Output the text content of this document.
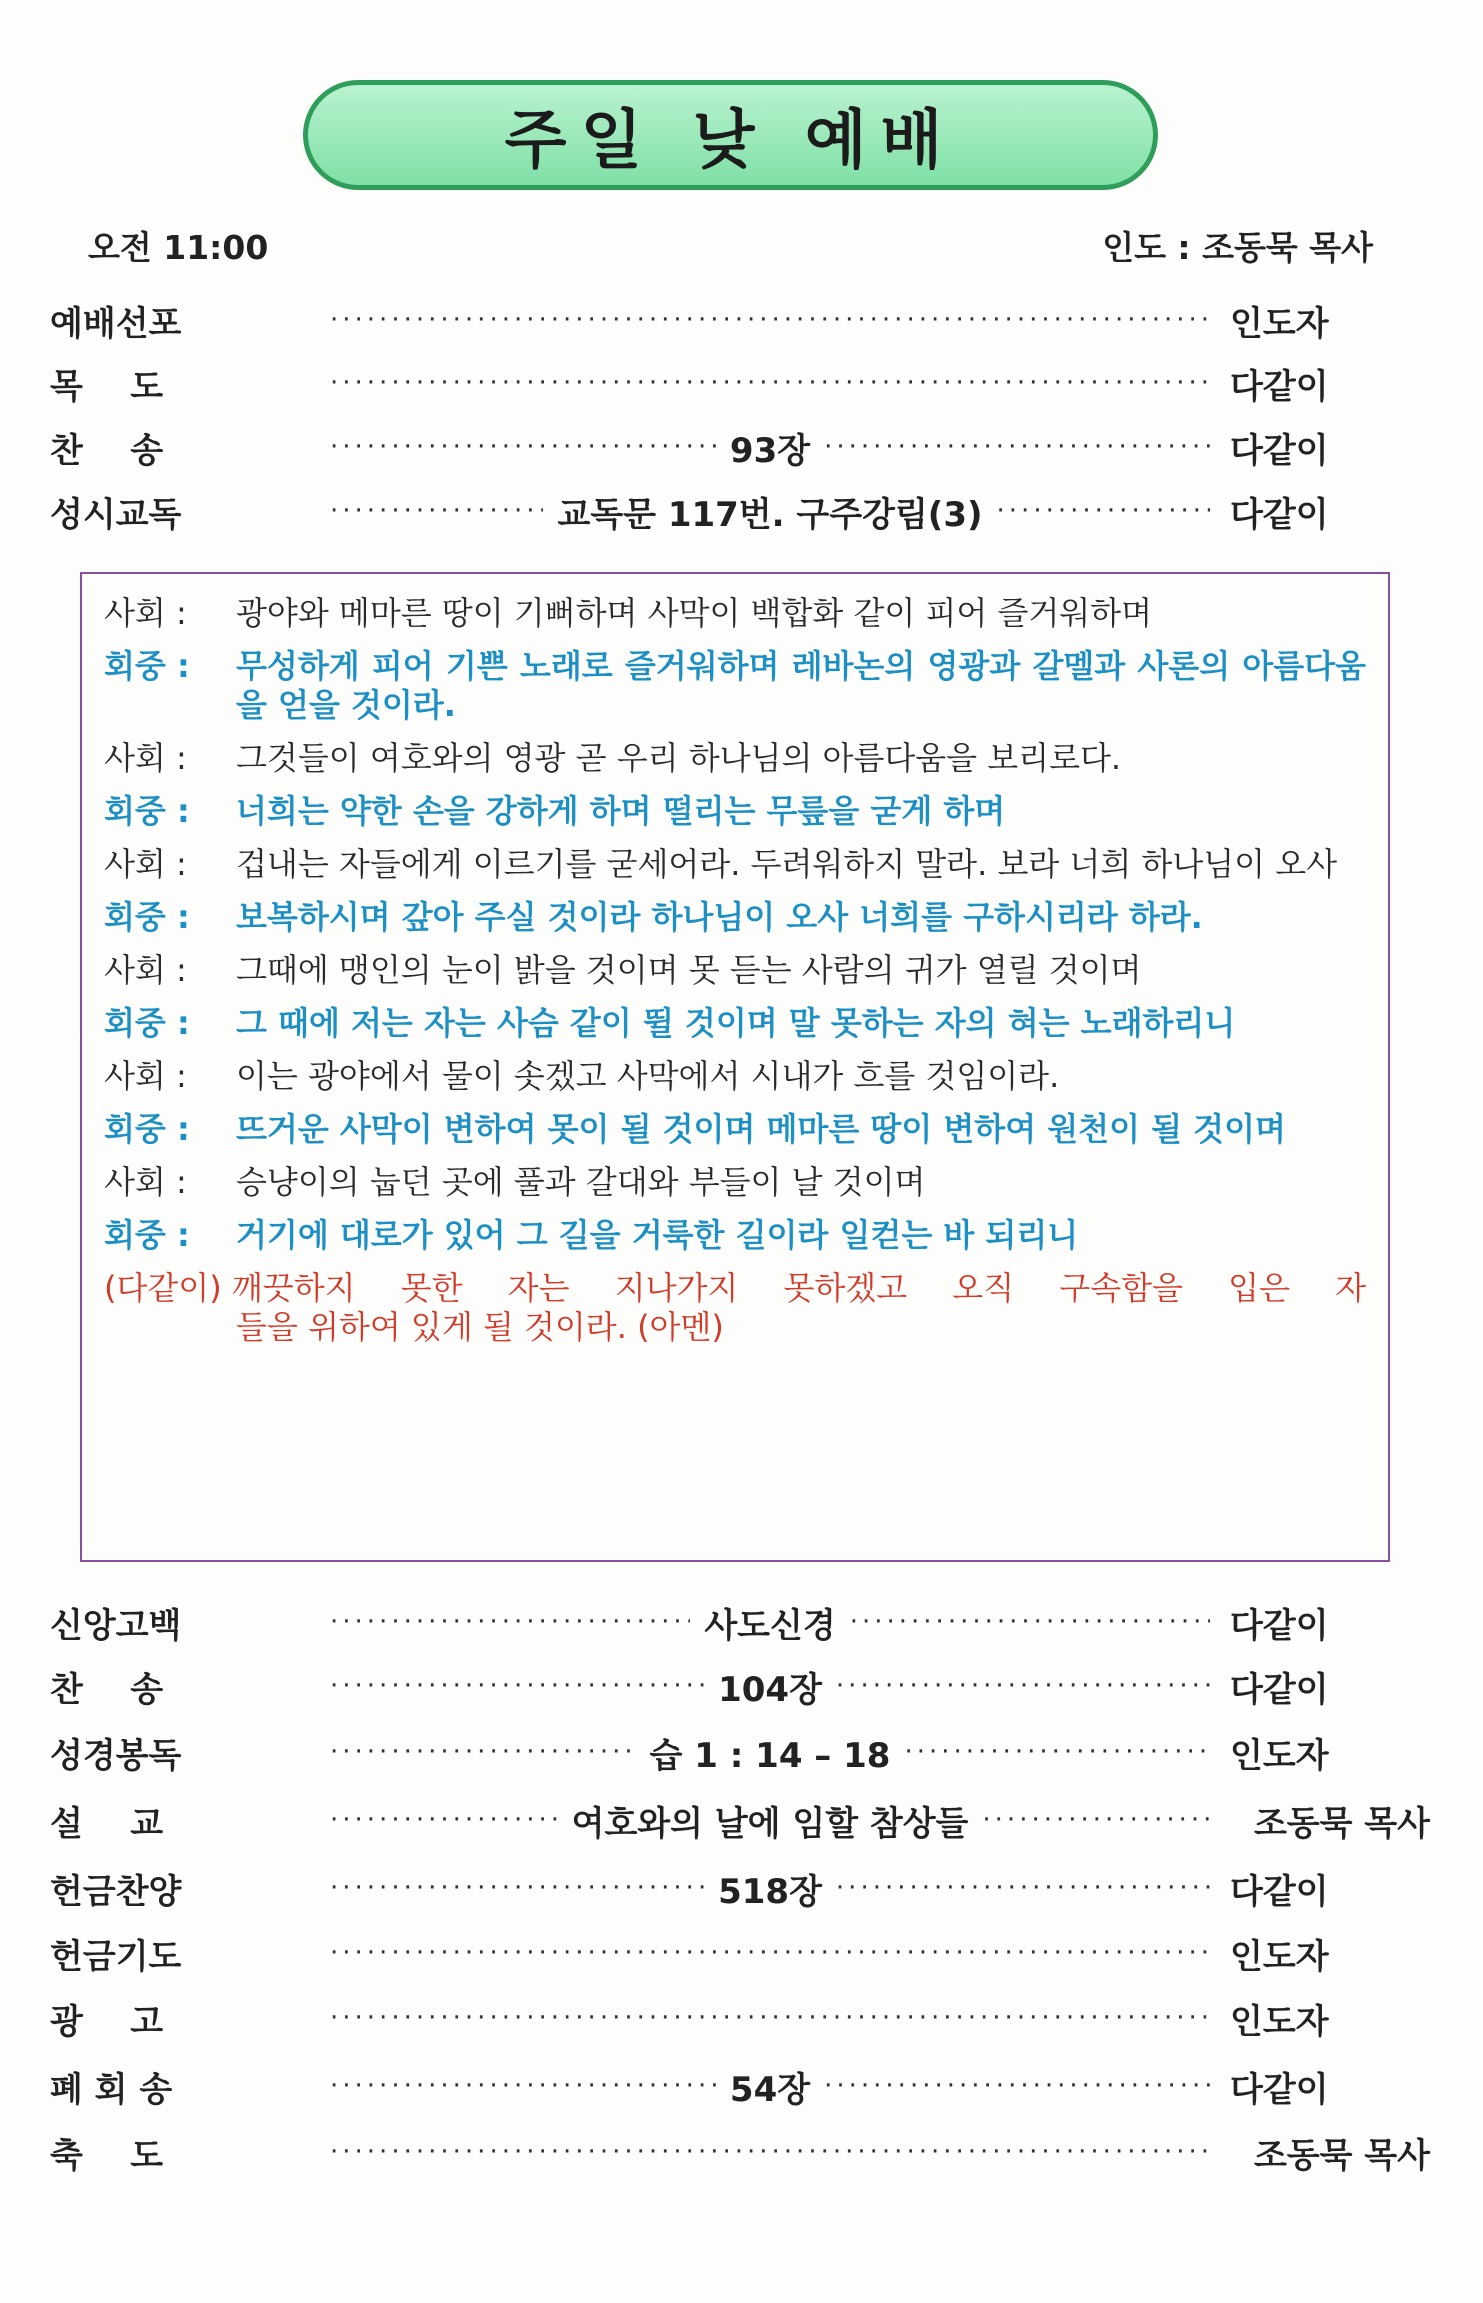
주일 낮 예배
오전 11:00	인도 : 조동묵 목사
예배선포 ·····	인도자
목    도 ·····	다같이
찬    송 ·····	93장 ·····	다같이
성시교독 ·····	교독문 117번. 구주강림(3) ·····	다같이
사회 :	광야와 메마른 땅이 기뻐하며 사막이 백합화 같이 피어 즐거워하며
회중 :	무성하게 피어 기쁜 노래로 즐거워하며 레바논의 영광과 갈멜과 사론의 아름다움을 얻을 것이라.
사회 :	그것들이 여호와의 영광 곧 우리 하나님의 아름다움을 보리로다.
회중 :	너희는 약한 손을 강하게 하며 떨리는 무릎을 굳게 하며
사회 :	겁내는 자들에게 이르기를 굳세어라. 두려워하지 말라. 보라 너희 하나님이 오사
회중 :	보복하시며 갚아 주실 것이라 하나님이 오사 너희를 구하시리라 하라.
사회 :	그때에 맹인의 눈이 밝을 것이며 못 듣는 사람의 귀가 열릴 것이며
회중 :	그 때에 저는 자는 사슴 같이 뛸 것이며 말 못하는 자의 혀는 노래하리니
사회 :	이는 광야에서 물이 솟겠고 사막에서 시내가 흐를 것임이라.
회중 :	뜨거운 사막이 변하여 못이 될 것이며 메마른 땅이 변하여 원천이 될 것이며
사회 :	승냥이의 눕던 곳에 풀과 갈대와 부들이 날 것이며
회중 :	거기에 대로가 있어 그 길을 거룩한 길이라 일컫는 바 되리니
(다같이) 깨끗하지 못한 자는 지나가지 못하겠고 오직 구속함을 입은 자
들을 위하여 있게 될 것이라. (아멘)
신앙고백 ·····	사도신경 ·····	다같이
찬    송 ·····	104장 ·····	다같이
성경봉독 ·····	습 1 : 14 – 18 ·····	인도자
설    교 ·····	여호와의 날에 임할 참상들 ·····	조동묵 목사
헌금찬양 ·····	518장 ·····	다같이
헌금기도 ·····	인도자
광    고 ·····	인도자
폐 회 송 ·····	54장 ·····	다같이
축    도 ·····	조동묵 목사
